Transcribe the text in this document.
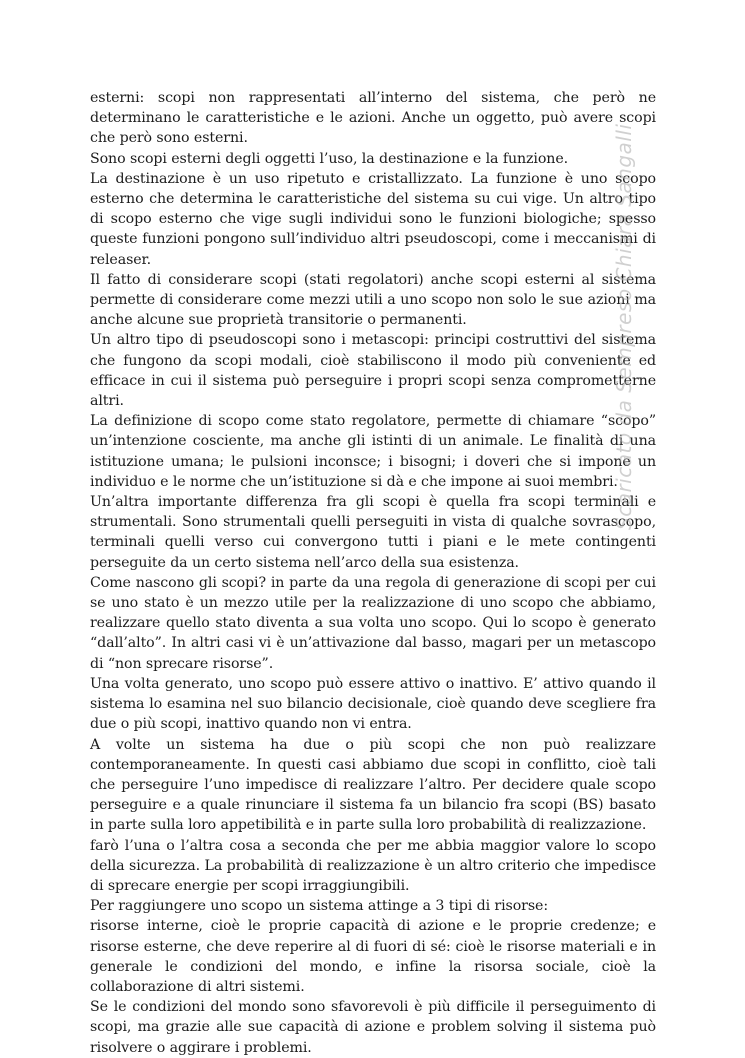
esterni: scopi non rappresentati all’interno del sistema, che però ne determinano le caratteristiche e le azioni. Anche un oggetto, può avere scopi che però sono esterni.

Sono scopi esterni degli oggetti l’uso, la destinazione e la funzione.

La destinazione è un uso ripetuto e cristallizzato. La funzione è uno scopo esterno che determina le caratteristiche del sistema su cui vige. Un altro tipo di scopo esterno che vige sugli individui sono le funzioni biologiche; spesso queste funzioni pongono sull’individuo altri pseudoscopi, come i meccanismi di releaser.

Il fatto di considerare scopi (stati regolatori) anche scopi esterni al sistema permette di considerare come mezzi utili a uno scopo non solo le sue azioni ma anche alcune sue proprietà transitorie o permanenti.

Un altro tipo di pseudoscopi sono i metascopi: principi costruttivi del sistema che fungono da scopi modali, cioè stabiliscono il modo più conveniente ed efficace in cui il sistema può perseguire i propri scopi senza comprometterne altri.

La definizione di scopo come stato regolatore, permette di chiamare “scopo” un’intenzione cosciente, ma anche gli istinti di un animale. Le finalità di una istituzione umana; le pulsioni inconsce; i bisogni; i doveri che si impone un individuo e le norme che un’istituzione si dà e che impone ai suoi membri.

Un’altra importante differenza fra gli scopi è quella fra scopi terminali e strumentali. Sono strumentali quelli perseguiti in vista di qualche sovrascopo, terminali quelli verso cui convergono tutti i piani e le mete contingenti perseguite da un certo sistema nell’arco della sua esistenza.

Come nascono gli scopi? in parte da una regola di generazione di scopi per cui se uno stato è un mezzo utile per la realizzazione di uno scopo che abbiamo, realizzare quello stato diventa a sua volta uno scopo. Qui lo scopo è generato “dall’alto”. In altri casi vi è un’attivazione dal basso, magari per un metascopo di “non sprecare risorse”.

Una volta generato, uno scopo può essere attivo o inattivo. E’ attivo quando il sistema lo esamina nel suo bilancio decisionale, cioè quando deve scegliere fra due o più scopi, inattivo quando non vi entra.

A volte un sistema ha due o più scopi che non può realizzare contemporaneamente. In questi casi abbiamo due scopi in conflitto, cioè tali che perseguire l’uno impedisce di realizzare l’altro. Per decidere quale scopo perseguire e a quale rinunciare il sistema fa un bilancio fra scopi (BS) basato in parte sulla loro appetibilità e in parte sulla loro probabilità di realizzazione.

farò l’una o l’altra cosa a seconda che per me abbia maggior valore lo scopo della sicurezza. La probabilità di realizzazione è un altro criterio che impedisce di sprecare energie per scopi irraggiungibili.

Per raggiungere uno scopo un sistema attinge a 3 tipi di risorse:

risorse interne, cioè le proprie capacità di azione e le proprie credenze; e risorse esterne, che deve reperire al di fuori di sé: cioè le risorse materiali e in generale le condizioni del mondo, e infine la risorsa sociale, cioè la collaborazione di altri sistemi.

Se le condizioni del mondo sono sfavorevoli è più difficile il perseguimento di scopi, ma grazie alle sue capacità di azione e problem solving il sistema può risolvere o aggirare i problemi.

Scaricato da Sempreso Chiara Sangalli
